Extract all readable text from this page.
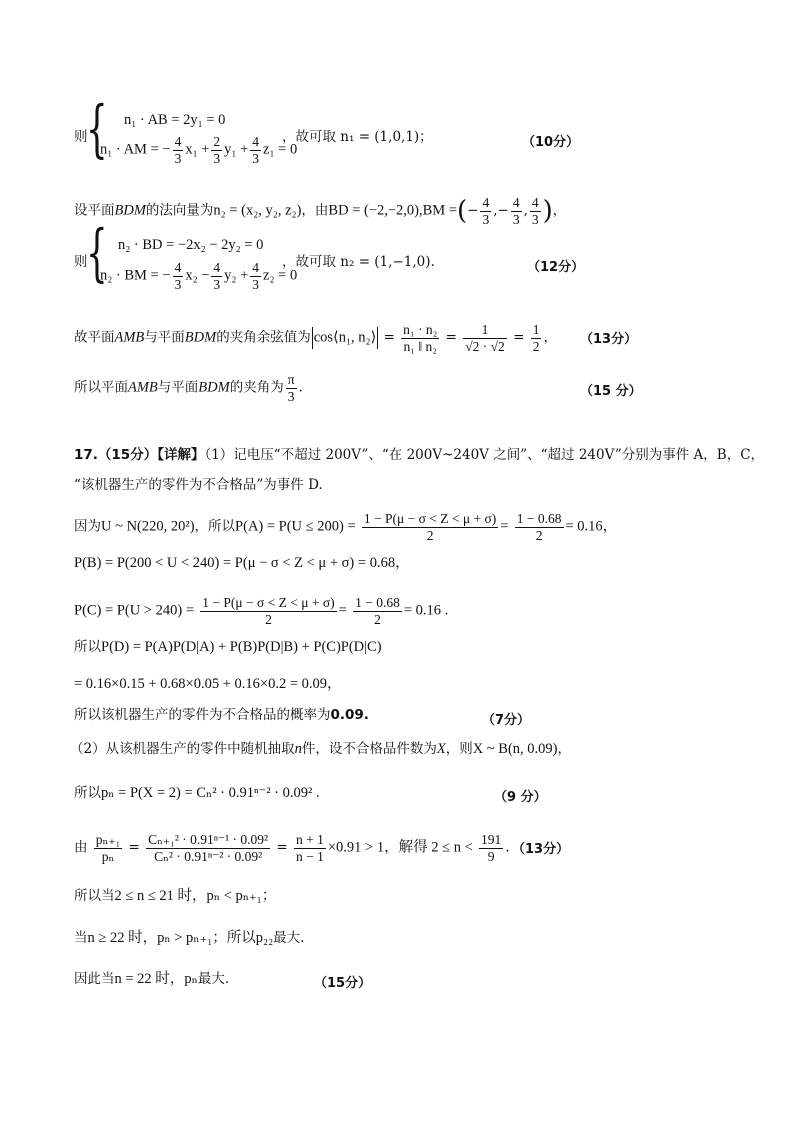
则
{ n₁ · AB = 2y₁ = 0
n₁ · AM = − $\frac{4}{3} x_1 + \frac{2}{3} y_1 + \frac{4}{3} z_1 = 0$
，故可取 n₁ = (1,0,1)；	（10分）
设平面BDM的法向量为n₂ = (x₂, y₂, z₂)，由BD = (−2,−2,0),BM =(− $\frac{4}{3}$ ,− $\frac{4}{3}$ , $\frac{4}{3}$ )，
则
{ n₂ · BD = −2x₂ − 2y₂ = 0
n₂ · BM = − $\frac{4}{3} x_2 - \frac{4}{3} y_2 + \frac{4}{3} z_2 = 0$
，故可取 n₂ = (1,−1,0).	（12分）
故平面AMB与平面BDM的夹角余弦值为 cos⟨n₁, n₂⟩ = $\frac{\text{n₁ · n₂}}{\text{n₁ ‖ n₂}} = \frac{1}{√2 \cdot √2} = \frac{1}{2}$ ， （13分）
所以平面AMB与平面BDM的夹角为 $\frac{\pi}{3}$ .	（15 分）
17.（15分）【详解】（1）记电压“不超过 200V”、“在 200V~240V 之间”、“超过 240V”分别为事件 A，B，C，
“该机器生产的零件为不合格品”为事件 D.
因为U ~ N(220, 20²)，所以$P(A) = P(U \le 200) = \frac{1 - P(\mu - \sigma < Z < \mu + \sigma)}{2} = \frac{1 - 0.68}{2} = 0.16$，
P(B) = P(200 < U < 240) = P(μ − σ < Z < μ + σ) = 0.68，
$P(C) = P(U > 240) = \frac{1 - P(\mu - \sigma < Z < \mu + \sigma)}{2} = \frac{1 - 0.68}{2} = 0.16$ .
所以P(D) = P(A)P(D|A) + P(B)P(D|B) + P(C)P(D|C)
= 0.16×0.15 + 0.68×0.05 + 0.16×0.2 = 0.09，
所以该机器生产的零件为不合格品的概率为0.09.	（7分）
（2）从该机器生产的零件中随机抽取n件，设不合格品件数为X，则X ~ B(n, 0.09)，
所以pₙ = P(X = 2) = Cₙ² · 0.91ⁿ⁻² · 0.09² .	（9 分）
由 $\frac{\text{pₙ₊₁}}{\text{pₙ}} = \frac{\text{Cₙ₊₁² · 0.91ⁿ⁻¹ · 0.09²}}{\text{Cₙ² · 0.91ⁿ⁻² · 0.09²}} = \frac{n + 1}{n - 1} \times 0.91 > 1$，解得 $2 \le n < \frac{191}{9}$ . （13分）
所以当2 ≤ n ≤ 21 时，pₙ < pₙ₊₁；
当n ≥ 22 时，pₙ > pₙ₊₁；所以p₂₂最大.
因此当n = 22 时，pₙ最大.	（15分）
